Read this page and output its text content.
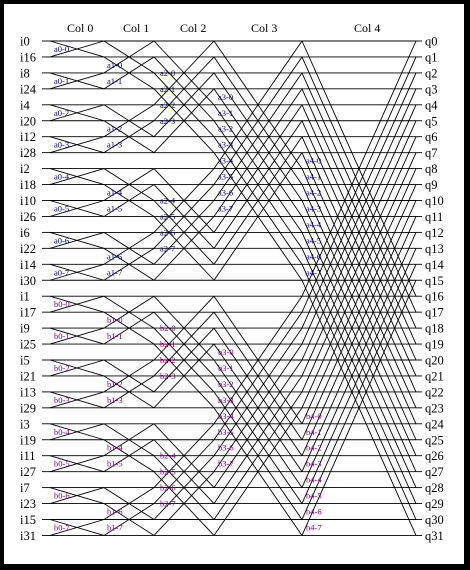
a0-0
a0-1
a0-2
a0-3
a0-4
a0-5
a0-6
a0-7
b0-0
b0-1
b0-2
b0-3
b0-4
b0-5
b0-6
b0-7
a1-0
a1-1
a1-2
a1-3
a1-4
a1-5
a1-6
a1-7
b1-0
b1-1
b1-2
b1-3
b1-4
b1-5
b1-6
b1-7
a2-0
a2-1
a2-2
a2-3
a2-4
a2-5
a2-6
a2-7
b2-0
b2-1
b2-2
b2-3
b2-4
b2-5
b2-6
b2-7
a3-0
a3-1
a3-2
a3-3
a3-4
a3-5
a3-6
a3-7
b3-0
b3-1
b3-2
b3-3
b3-4
b3-5
b3-6
b3-7
a4-0
a4-1
a4-2
a4-3
a4-4
a4-5
a4-6
a4-7
b4-0
b4-1
b4-2
b4-3
b4-4
b4-5
b4-6
b4-7
Col 0 Col 1	Col 2	Col 3	Col 4
i0
i16
i8
i24
i4
i20
i12
i28
i2
i18
i10
i26
i6
i22
i14
i30
i1
i17
i9
i25
i5
i21
i13
i29
i3
i19
i11
i27
i7
i23
i15
i31
q0
q1
q2
q3
q4
q5
q6
q7
q8
q9
q10
q11
q12
q13
q14
q15
q16
q17
q18
q19
q20
q21
q22
q23
q24
q25
q26
q27
q28
q29
q30
q31
